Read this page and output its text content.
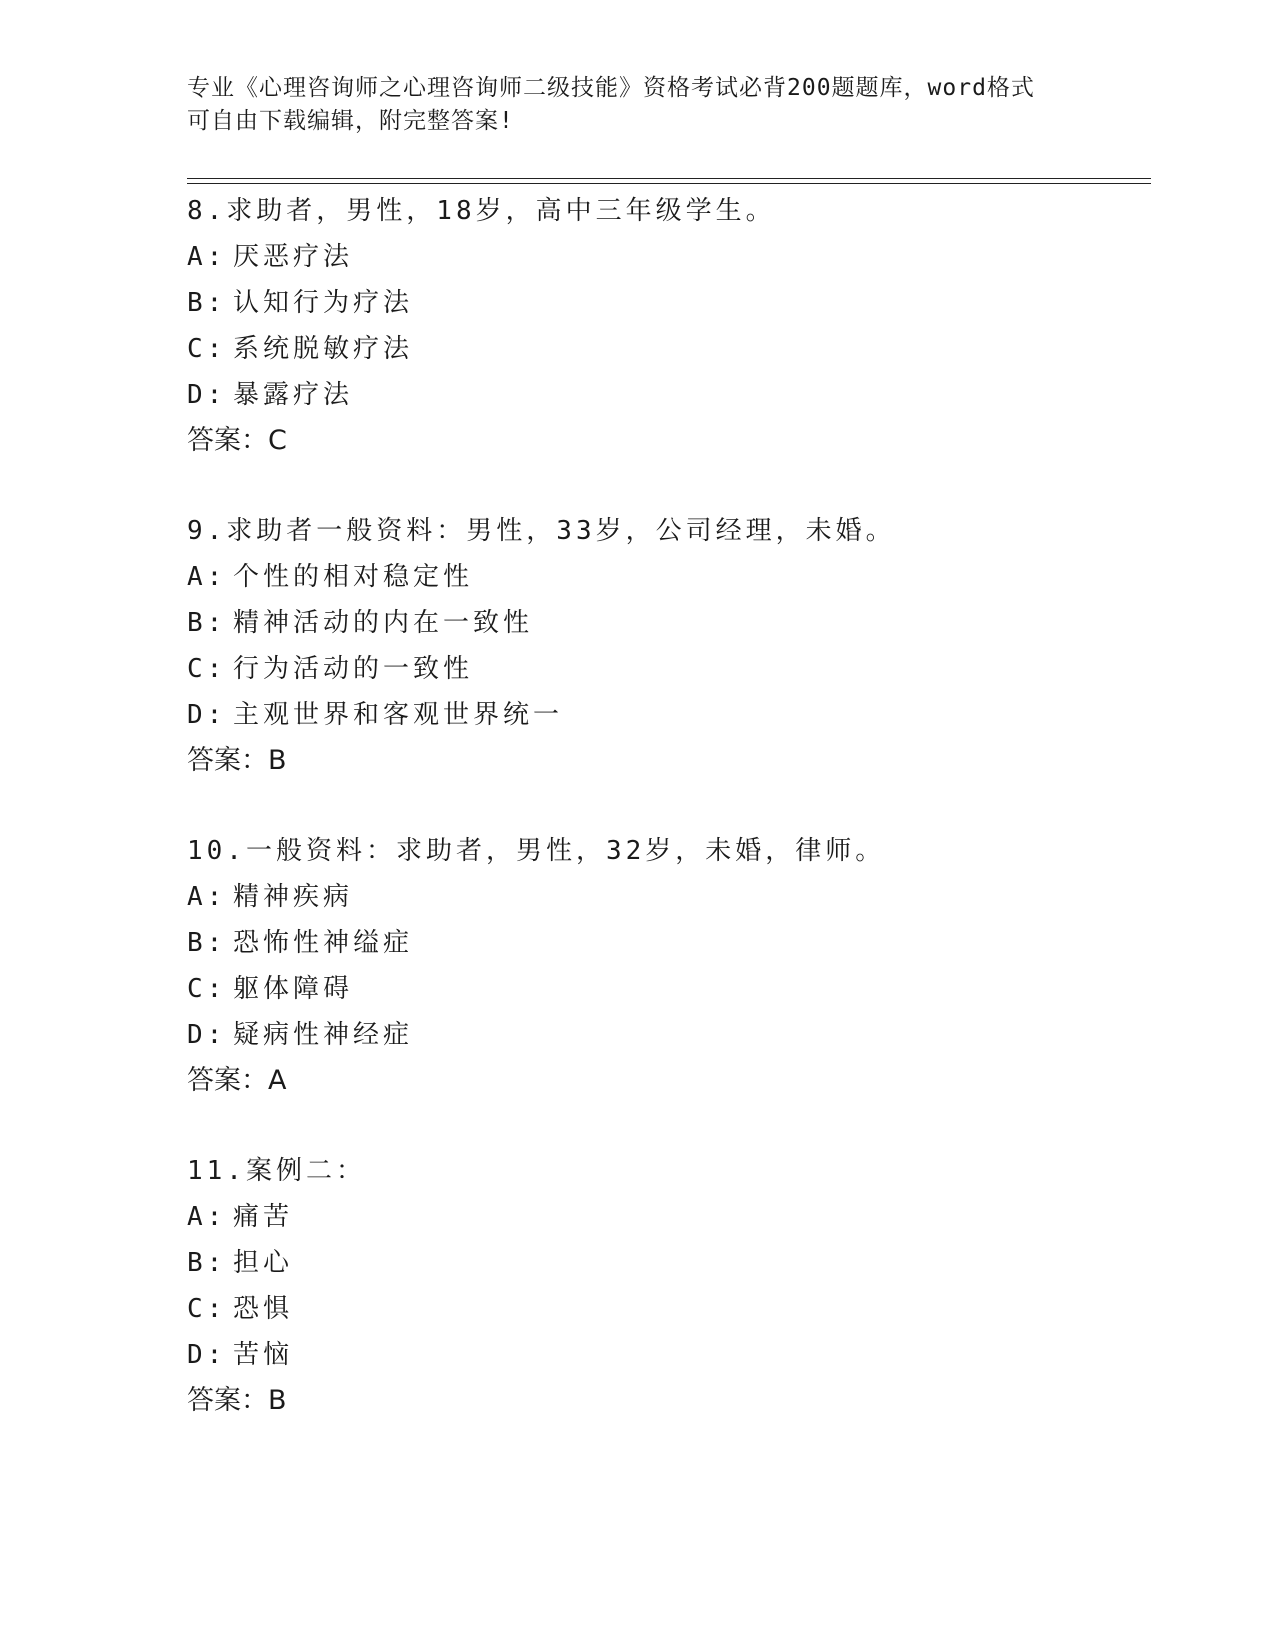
专业《心理咨询师之心理咨询师二级技能》资格考试必背200题题库，word格式
可自由下载编辑，附完整答案!
8.求助者，男性，18岁，高中三年级学生。
A: 厌恶疗法
B: 认知行为疗法
C: 系统脱敏疗法
D: 暴露疗法
答案：C
9.求助者一般资料：男性，33岁，公司经理，未婚。
A: 个性的相对稳定性
B: 精神活动的内在一致性
C: 行为活动的一致性
D: 主观世界和客观世界统一
答案：B
10.一般资料：求助者，男性，32岁，未婚，律师。
A: 精神疾病
B: 恐怖性神缢症
C: 躯体障碍
D: 疑病性神经症
答案：A
11.案例二：
A: 痛苦
B: 担心
C: 恐惧
D: 苦恼
答案：B
